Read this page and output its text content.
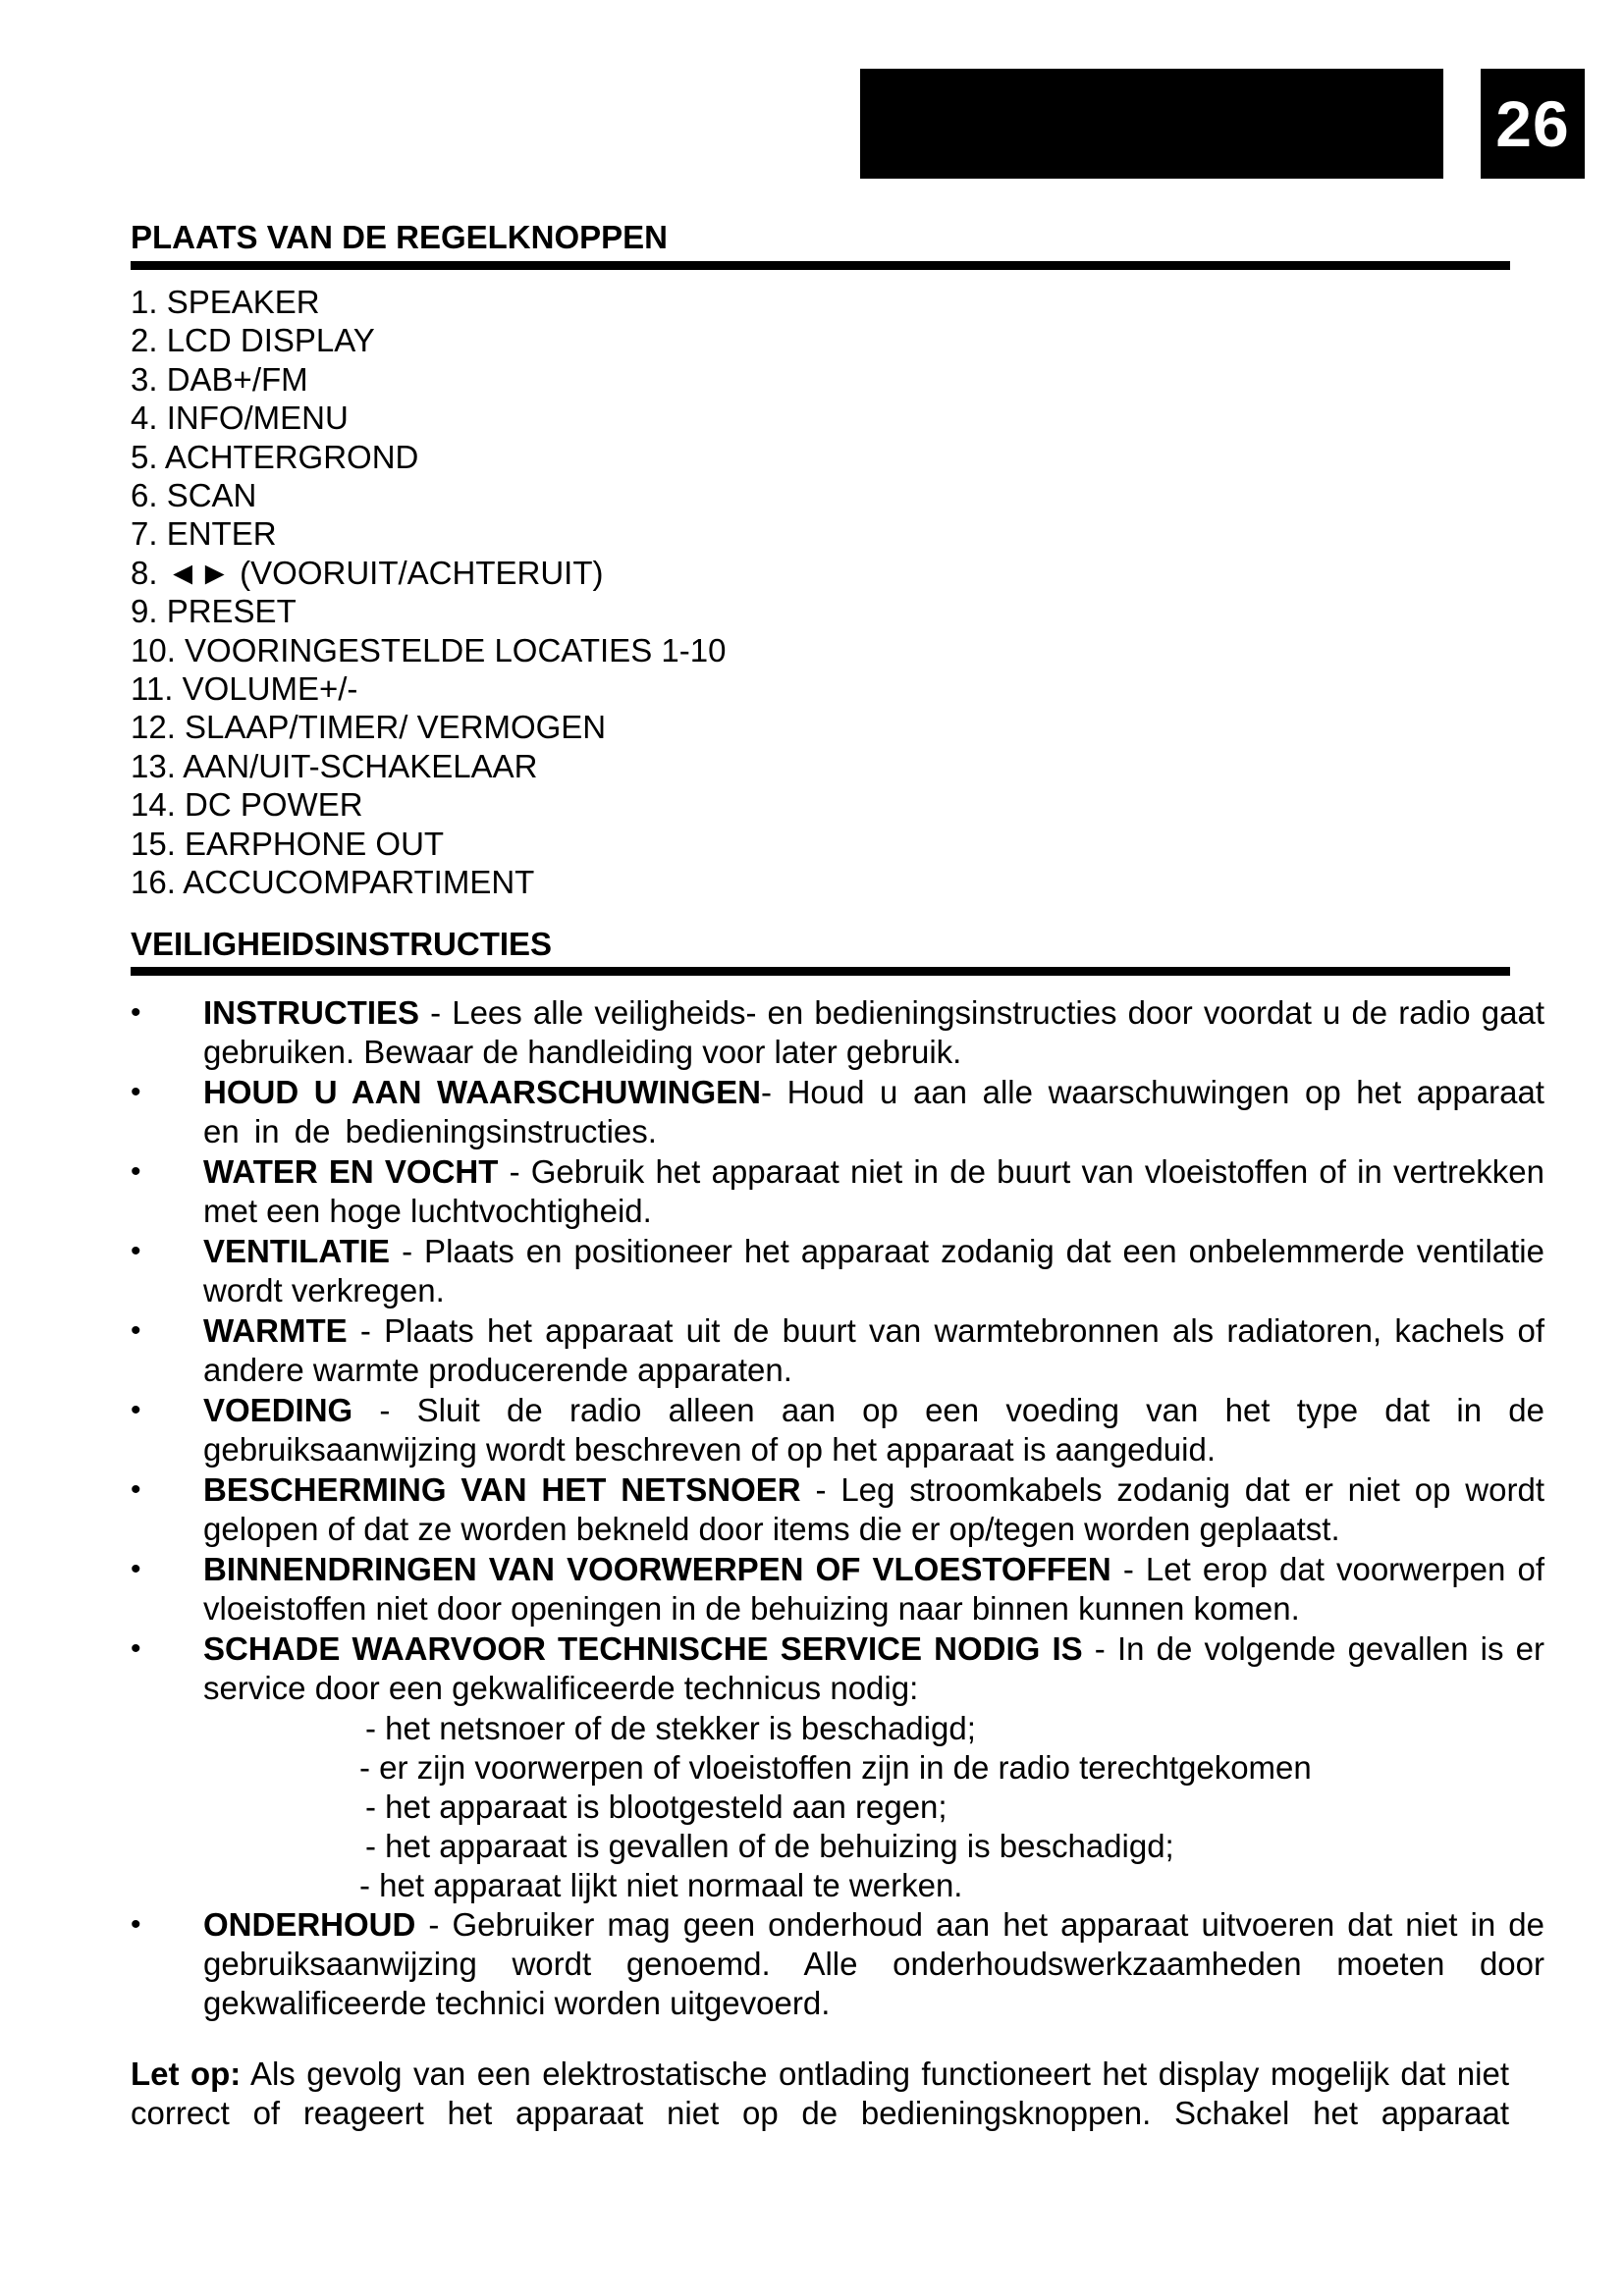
26
PLAATS VAN DE REGELKNOPPEN
1. SPEAKER
2. LCD DISPLAY
3. DAB+/FM
4. INFO/MENU
5. ACHTERGROND
6. SCAN
7. ENTER
8. ◄► (VOORUIT/ACHTERUIT)
9. PRESET
10. VOORINGESTELDE LOCATIES 1-10
11. VOLUME+/-
12. SLAAP/TIMER/ VERMOGEN
13. AAN/UIT-SCHAKELAAR
14. DC POWER
15. EARPHONE OUT
16. ACCUCOMPARTIMENT
VEILIGHEIDSINSTRUCTIES
• INSTRUCTIES - Lees alle veiligheids- en bedieningsinstructies door voordat u de radio gaat gebruiken. Bewaar de handleiding voor later gebruik.
• HOUD U AAN WAARSCHUWINGEN- Houd u aan alle waarschuwingen op het apparaat en in de bedieningsinstructies.
• WATER EN VOCHT - Gebruik het apparaat niet in de buurt van vloeistoffen of in vertrekken met een hoge luchtvochtigheid.
• VENTILATIE - Plaats en positioneer het apparaat zodanig dat een onbelemmerde ventilatie wordt verkregen.
• WARMTE - Plaats het apparaat uit de buurt van warmtebronnen als radiatoren, kachels of andere warmte producerende apparaten.
• VOEDING - Sluit de radio alleen aan op een voeding van het type dat in de gebruiksaanwijzing wordt beschreven of op het apparaat is aangeduid.
• BESCHERMING VAN HET NETSNOER - Leg stroomkabels zodanig dat er niet op wordt gelopen of dat ze worden bekneld door items die er op/tegen worden geplaatst.
• BINNENDRINGEN VAN VOORWERPEN OF VLOESTOFFEN - Let erop dat voorwerpen of vloeistoffen niet door openingen in de behuizing naar binnen kunnen komen.
• SCHADE WAARVOOR TECHNISCHE SERVICE NODIG IS - In de volgende gevallen is er service door een gekwalificeerde technicus nodig:
- het netsnoer of de stekker is beschadigd;
- er zijn voorwerpen of vloeistoffen zijn in de radio terechtgekomen
- het apparaat is blootgesteld aan regen;
- het apparaat is gevallen of de behuizing is beschadigd;
- het apparaat lijkt niet normaal te werken.
• ONDERHOUD - Gebruiker mag geen onderhoud aan het apparaat uitvoeren dat niet in de gebruiksaanwijzing wordt genoemd. Alle onderhoudswerkzaamheden moeten door gekwalificeerde technici worden uitgevoerd.
Let op: Als gevolg van een elektrostatische ontlading functioneert het display mogelijk dat niet correct of reageert het apparaat niet op de bedieningsknoppen. Schakel het apparaat
